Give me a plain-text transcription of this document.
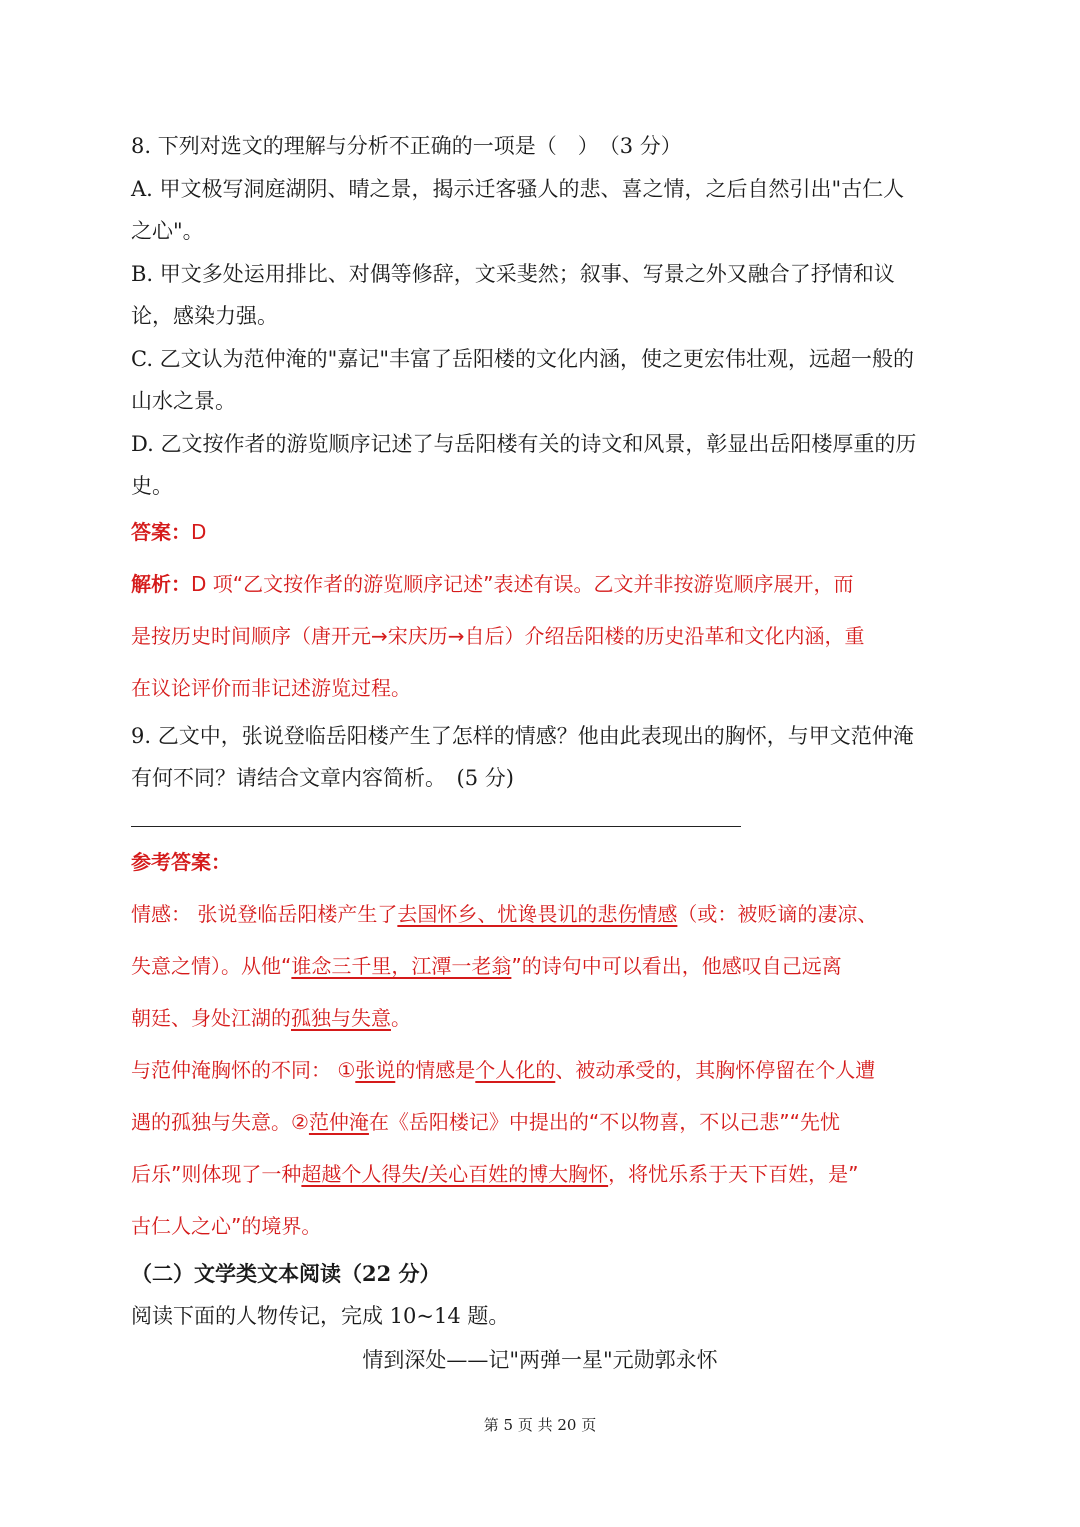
8. 下列对选文的理解与分析不正确的一项是（　）　（3 分）
A. 甲文极写洞庭湖阴、晴之景，揭示迁客骚人的悲、喜之情，之后自然引出"古仁人
之心"。
B. 甲文多处运用排比、对偶等修辞，文采斐然；叙事、写景之外又融合了抒情和议
论，感染力强。
C. 乙文认为范仲淹的"嘉记"丰富了岳阳楼的文化内涵，使之更宏伟壮观，远超一般的
山水之景。
D. 乙文按作者的游览顺序记述了与岳阳楼有关的诗文和风景，彰显出岳阳楼厚重的历
史。
答案：D
解析：D 项“乙文按作者的游览顺序记述”表述有误。乙文并非按游览顺序展开，而
是按历史时间顺序（唐开元→宋庆历→自后）介绍岳阳楼的历史沿革和文化内涵，重
在议论评价而非记述游览过程。
9. 乙文中，张说登临岳阳楼产生了怎样的情感？他由此表现出的胸怀，与甲文范仲淹
有何不同？请结合文章内容简析。　(5 分)
参考答案：
情感： 张说登临岳阳楼产生了去国怀乡、忧谗畏讥的悲伤情感（或：被贬谪的凄凉、
失意之情）。从他“谁念三千里，江潭一老翁”的诗句中可以看出，他感叹自己远离
朝廷、身处江湖的孤独与失意。
与范仲淹胸怀的不同： ①张说的情感是个人化的、被动承受的，其胸怀停留在个人遭
遇的孤独与失意。②范仲淹在《岳阳楼记》中提出的“不以物喜，不以己悲”“先忧
后乐”则体现了一种超越个人得失/关心百姓的博大胸怀，将忧乐系于天下百姓，是”
古仁人之心”的境界。
（二）文学类文本阅读（22 分）
阅读下面的人物传记，完成 10~14 题。
情到深处——记"两弹一星"元勋郭永怀
第 5 页 共 20 页
